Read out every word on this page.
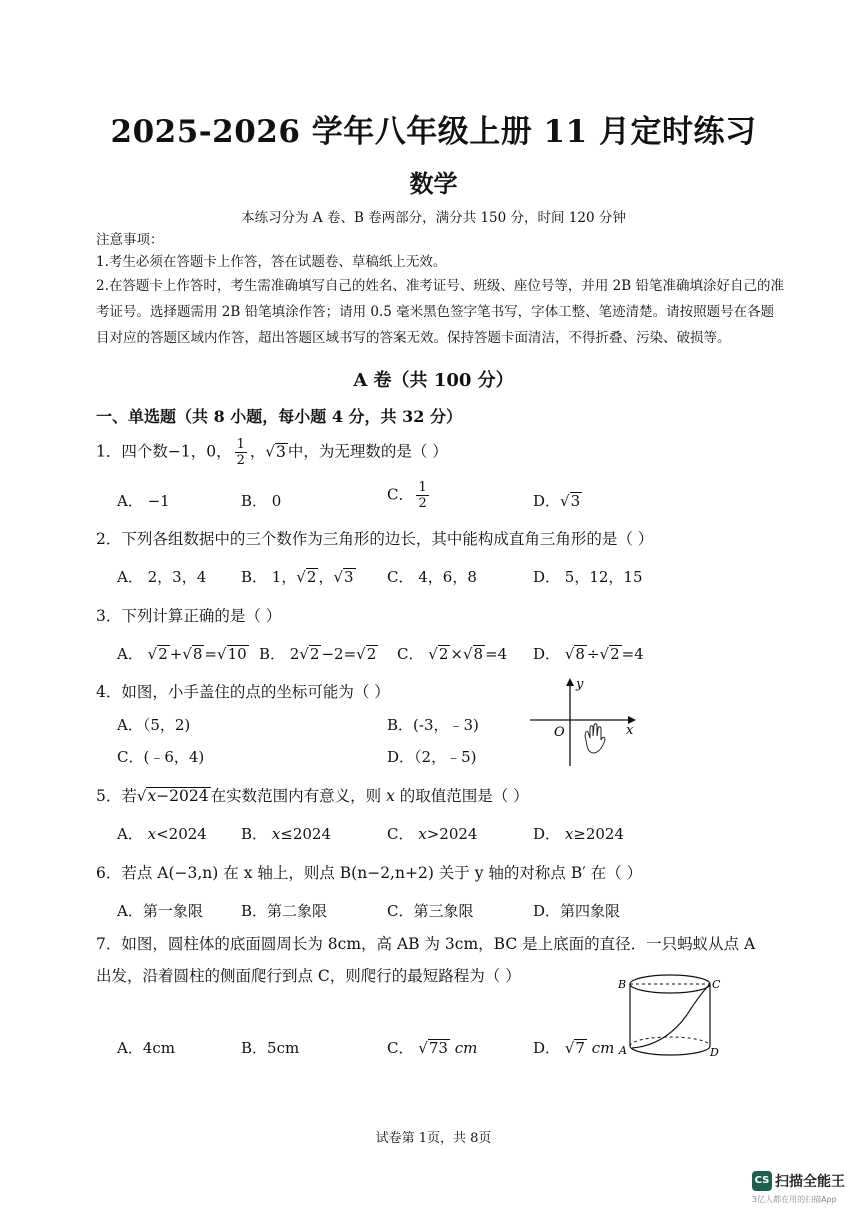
2025-2026 学年八年级上册 11 月定时练习
数学
本练习分为 A 卷、B 卷两部分，满分共 150 分，时间 120 分钟
注意事项：
1.考生必须在答题卡上作答，答在试题卷、草稿纸上无效。
2.在答题卡上作答时，考生需准确填写自己的姓名、准考证号、班级、座位号等，并用 2B 铅笔准确填涂好自己的准考证号。选择题需用 2B 铅笔填涂作答；请用 0.5 毫米黑色签字笔书写，字体工整、笔迹清楚。请按照题号在各题目对应的答题区域内作答，超出答题区域书写的答案无效。保持答题卡面清洁，不得折叠、污染、破损等。
A 卷（共 100 分）
一、单选题（共 8 小题，每小题 4 分，共 32 分）
1．四个数−1，0， $\frac{1}{2}$ ，√3 中，为无理数的是（ ）
A． −1	B． 0	C． $\frac{1}{2}$	D．√3
2．下列各组数据中的三个数作为三角形的边长，其中能构成直角三角形的是（ ）
A． 2，3，4 B． 1，√2 ，√3 C． 4，6，8	D． 5，12，15
3．下列计算正确的是（ ）
A． √2 +√8 =√10 B． 2√2 −2=√2 C． √2 ×√8 =4 D． √8 ÷√2 =4
4．如图，小手盖住的点的坐标可能为（ ）
A．（5，2)	B．(-3，﹣3)
C．(﹣6，4)	D．（2，﹣5)
x
y
O
5．若√x−2024 在实数范围内有意义，则 x 的取值范围是（ ）
A． x<2024 B． x≤2024	C． x>2024	D． x≥2024
6．若点 A(−3,n) 在 x 轴上，则点 B(n−2,n+2) 关于 y 轴的对称点 B′ 在（ ）
A．第一象限	B．第二象限	C．第三象限	D．第四象限
7．如图，圆柱体的底面圆周长为 8cm，高 AB 为 3cm，BC 是上底面的直径．一只蚂蚁从点 A
出发，沿着圆柱的侧面爬行到点 C，则爬行的最短路程为（ ）
A．4cm	B．5cm	C． √73 cm	D． √7 cm
B	C
A	D
试卷第 1页，共 8页
CS 扫描全能王
3亿人都在用的扫描App
